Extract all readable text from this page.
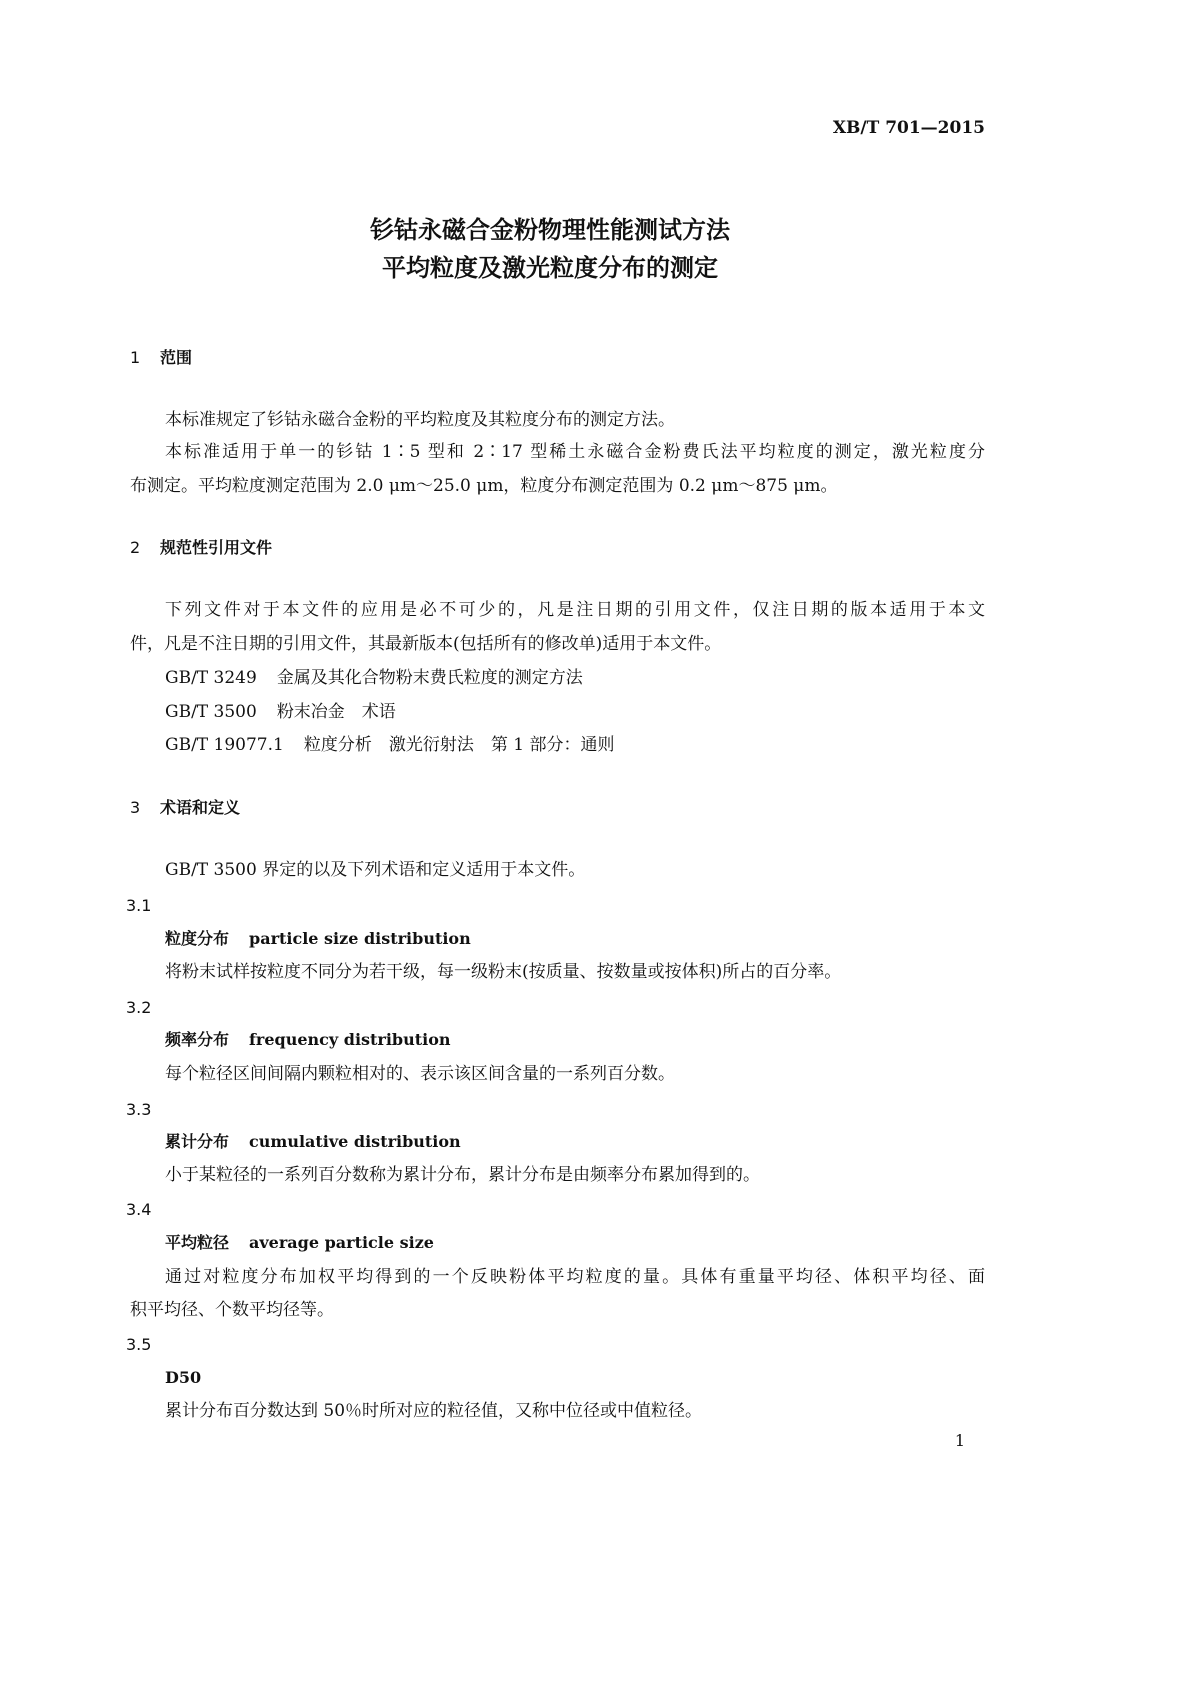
XB/T 701—2015
钐钴永磁合金粉物理性能测试方法
平均粒度及激光粒度分布的测定
1 范围
本标准规定了钐钴永磁合金粉的平均粒度及其粒度分布的测定方法。
本标准适用于单一的钐钴 1∶5 型和 2∶17 型稀土永磁合金粉费氏法平均粒度的测定，激光粒度分
布测定。平均粒度测定范围为 2.0 μm～25.0 μm，粒度分布测定范围为 0.2 μm～875 μm。
2 规范性引用文件
下列文件对于本文件的应用是必不可少的，凡是注日期的引用文件，仅注日期的版本适用于本文
件，凡是不注日期的引用文件，其最新版本(包括所有的修改单)适用于本文件。
GB/T 3249 金属及其化合物粉末费氏粒度的测定方法
GB/T 3500 粉末冶金　术语
GB/T 19077.1 粒度分析　激光衍射法　第 1 部分：通则
3 术语和定义
GB/T 3500 界定的以及下列术语和定义适用于本文件。
3.1
粒度分布 particle size distribution
将粉末试样按粒度不同分为若干级，每一级粉末(按质量、按数量或按体积)所占的百分率。
3.2
频率分布 frequency distribution
每个粒径区间间隔内颗粒相对的、表示该区间含量的一系列百分数。
3.3
累计分布 cumulative distribution
小于某粒径的一系列百分数称为累计分布，累计分布是由频率分布累加得到的。
3.4
平均粒径 average particle size
通过对粒度分布加权平均得到的一个反映粉体平均粒度的量。具体有重量平均径、体积平均径、面
积平均径、个数平均径等。
3.5
D50
累计分布百分数达到 50％时所对应的粒径值，又称中位径或中值粒径。
1
